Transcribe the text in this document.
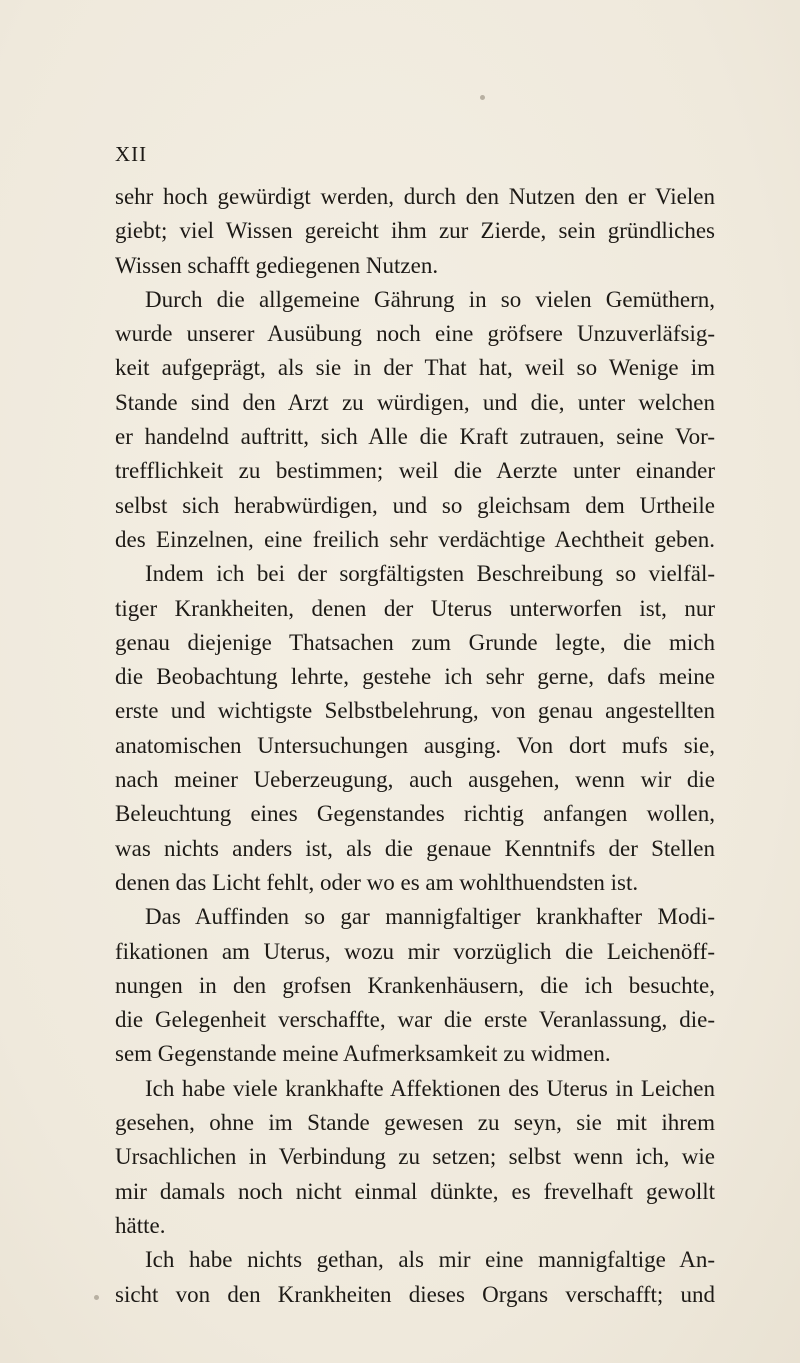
XII
sehr hoch gewürdigt werden, durch den Nutzen den er Vielen
giebt; viel Wissen gereicht ihm zur Zierde, sein gründliches
Wissen schafft gediegenen Nutzen.
Durch die allgemeine Gährung in so vielen Gemüthern,
wurde unserer Ausübung noch eine gröfsere Unzuverläfsig-
keit aufgeprägt, als sie in der That hat, weil so Wenige im
Stande sind den Arzt zu würdigen, und die, unter welchen
er handelnd auftritt, sich Alle die Kraft zutrauen, seine Vor-
trefflichkeit zu bestimmen; weil die Aerzte unter einander
selbst sich herabwürdigen, und so gleichsam dem Urtheile
des Einzelnen, eine freilich sehr verdächtige Aechtheit geben.
Indem ich bei der sorgfältigsten Beschreibung so vielfäl-
tiger Krankheiten, denen der Uterus unterworfen ist, nur
genau diejenige Thatsachen zum Grunde legte, die mich
die Beobachtung lehrte, gestehe ich sehr gerne, dafs meine
erste und wichtigste Selbstbelehrung, von genau angestellten
anatomischen Untersuchungen ausging. Von dort mufs sie,
nach meiner Ueberzeugung, auch ausgehen, wenn wir die
Beleuchtung eines Gegenstandes richtig anfangen wollen,
was nichts anders ist, als die genaue Kenntnifs der Stellen
denen das Licht fehlt, oder wo es am wohlthuendsten ist.
Das Auffinden so gar mannigfaltiger krankhafter Modi-
fikationen am Uterus, wozu mir vorzüglich die Leichenöff-
nungen in den grofsen Krankenhäusern, die ich besuchte,
die Gelegenheit verschaffte, war die erste Veranlassung, die-
sem Gegenstande meine Aufmerksamkeit zu widmen.
Ich habe viele krankhafte Affektionen des Uterus in Leichen
gesehen, ohne im Stande gewesen zu seyn, sie mit ihrem
Ursachlichen in Verbindung zu setzen; selbst wenn ich, wie
mir damals noch nicht einmal dünkte, es frevelhaft gewollt
hätte.
Ich habe nichts gethan, als mir eine mannigfaltige An-
sicht von den Krankheiten dieses Organs verschafft; und
